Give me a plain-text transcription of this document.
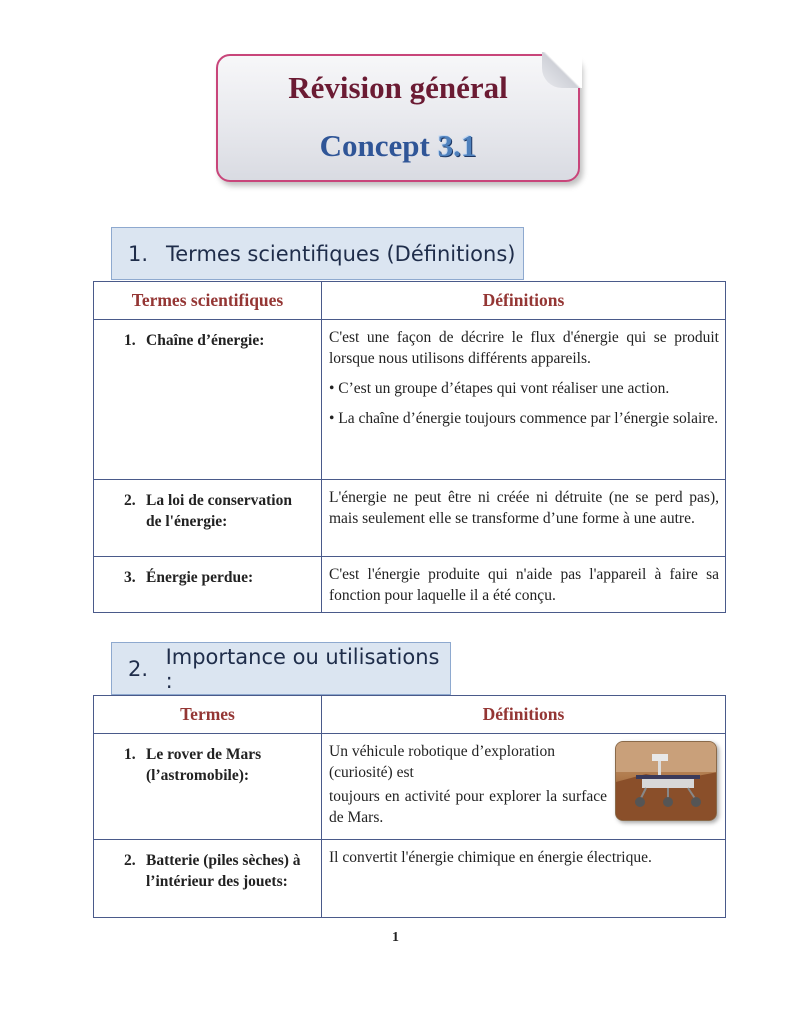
Révision général
Concept 3.1
1. Termes scientifiques (Définitions)
Termes scientifiques	Définitions

1. Chaîne d’énergie:	C'est une façon de décrire le flux d'énergie qui se produit lorsque nous utilisons différents appareils.

• C’est un groupe d’étapes qui vont réaliser une action.

• La chaîne d’énergie toujours commence par l’énergie solaire.

2. La loi de conservation de l'énergie:	L'énergie ne peut être ni créée ni détruite (ne se perd pas), mais seulement elle se transforme d’une forme à une autre.

3. Énergie perdue:	C'est l'énergie produite qui n'aide pas l'appareil à faire sa fonction pour laquelle il a été conçu.

2. Importance ou utilisations :
Termes	Définitions

1. Le rover de Mars (l’astromobile):	Un véhicule robotique d’exploration (curiosité) est

toujours en activité pour explorer la surface de Mars.

2. Batterie (piles sèches) à l’intérieur des jouets:	Il convertit l'énergie chimique en énergie électrique.

1
